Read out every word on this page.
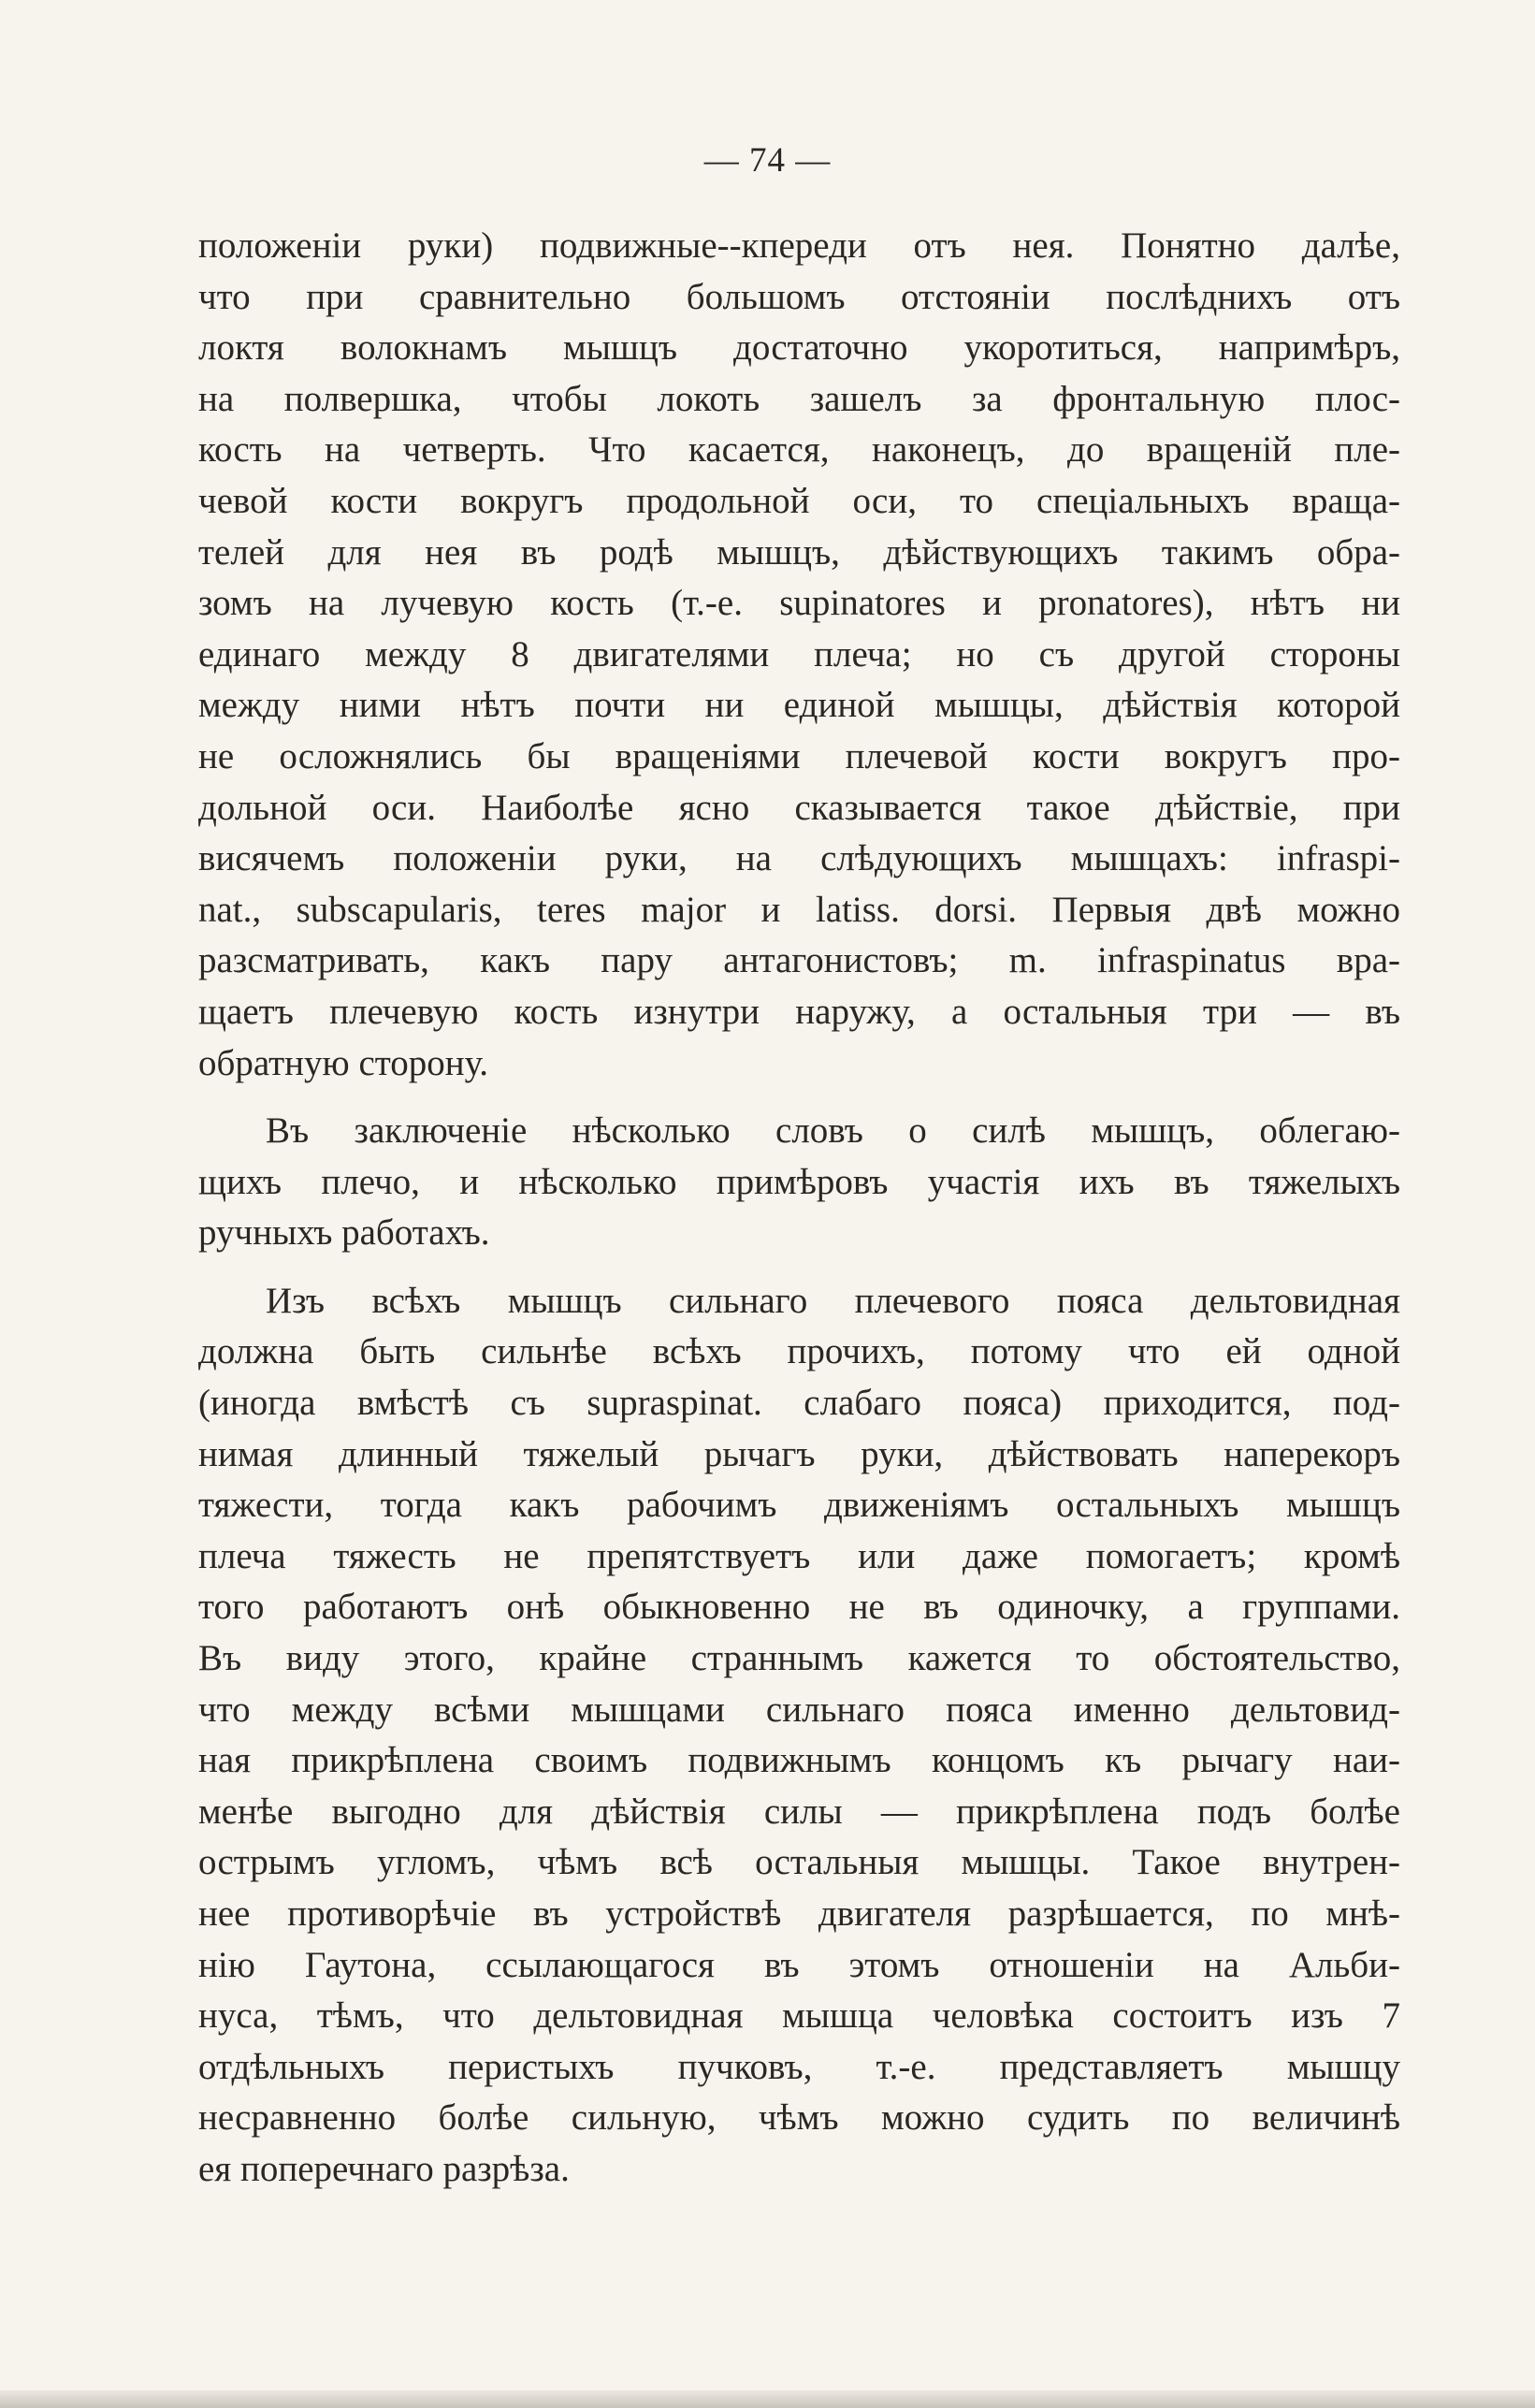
— 74 —
положеніи руки) подвижные--кпереди отъ нея. Понятно далѣе,
что при сравнительно большомъ отстояніи послѣднихъ отъ
локтя волокнамъ мышцъ достаточно укоротиться, напримѣръ,
на полвершка, чтобы локоть зашелъ за фронтальную плос-
кость на четверть. Что касается, наконецъ, до вращеній пле-
чевой кости вокругъ продольной оси, то спеціальныхъ враща-
телей для нея въ родѣ мышцъ, дѣйствующихъ такимъ обра-
зомъ на лучевую кость (т.-е. supinatores и pronatores), нѣтъ ни
единаго между 8 двигателями плеча; но съ другой стороны
между ними нѣтъ почти ни единой мышцы, дѣйствія которой
не осложнялись бы вращеніями плечевой кости вокругъ про-
дольной оси. Наиболѣе ясно сказывается такое дѣйствіе, при
висячемъ положеніи руки, на слѣдующихъ мышцахъ: infraspi-
nat., subscapularis, teres major и latiss. dorsi. Первыя двѣ можно
разсматривать, какъ пару антагонистовъ; m. infraspinatus вра-
щаетъ плечевую кость изнутри наружу, а остальныя три — въ
обратную сторону.
Въ заключеніе нѣсколько словъ о силѣ мышцъ, облегаю-
щихъ плечо, и нѣсколько примѣровъ участія ихъ въ тяжелыхъ
ручныхъ работахъ.
Изъ всѣхъ мышцъ сильнаго плечевого пояса дельтовидная
должна быть сильнѣе всѣхъ прочихъ, потому что ей одной
(иногда вмѣстѣ съ supraspinat. слабаго пояса) приходится, под-
нимая длинный тяжелый рычагъ руки, дѣйствовать наперекоръ
тяжести, тогда какъ рабочимъ движеніямъ остальныхъ мышцъ
плеча тяжесть не препятствуетъ или даже помогаетъ; кромѣ
того работаютъ онѣ обыкновенно не въ одиночку, а группами.
Въ виду этого, крайне страннымъ кажется то обстоятельство,
что между всѣми мышцами сильнаго пояса именно дельтовид-
ная прикрѣплена своимъ подвижнымъ концомъ къ рычагу наи-
менѣе выгодно для дѣйствія силы — прикрѣплена подъ болѣе
острымъ угломъ, чѣмъ всѣ остальныя мышцы. Такое внутрен-
нее противорѣчіе въ устройствѣ двигателя разрѣшается, по мнѣ-
нію Гаутона, ссылающагося въ этомъ отношеніи на Альби-
нуса, тѣмъ, что дельтовидная мышца человѣка состоитъ изъ 7
отдѣльныхъ перистыхъ пучковъ, т.-е. представляетъ мышцу
несравненно болѣе сильную, чѣмъ можно судить по величинѣ
ея поперечнаго разрѣза.
